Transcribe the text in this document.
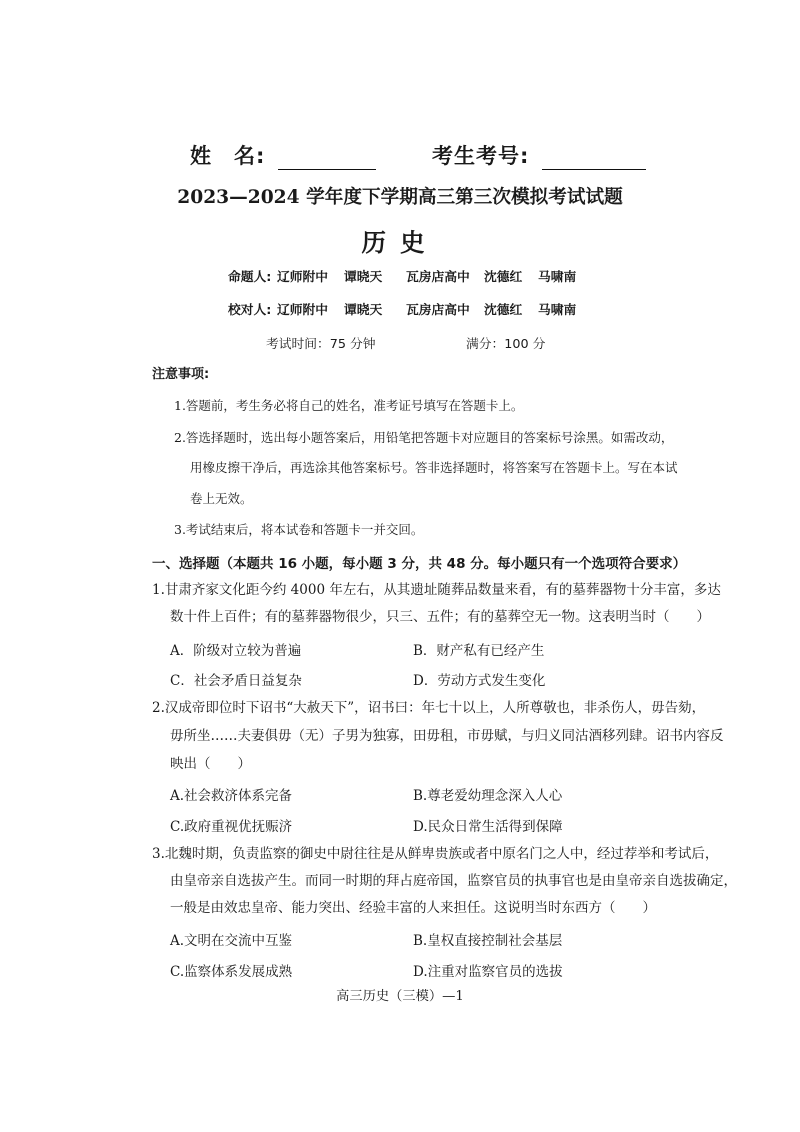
姓　名:	考生考号:
2023—2024 学年度下学期高三第三次模拟考试试题
历史
命题人: 辽师附中 谭晓天 瓦房店高中 沈德红 马啸南
校对人: 辽师附中 谭晓天 瓦房店高中 沈德红 马啸南
考试时间：75 分钟	满分：100 分
注意事项:
1.答题前，考生务必将自己的姓名，准考证号填写在答题卡上。
2.答选择题时，选出每小题答案后，用铅笔把答题卡对应题目的答案标号涂黑。如需改动，
用橡皮擦干净后，再选涂其他答案标号。答非选择题时，将答案写在答题卡上。写在本试
卷上无效。
3.考试结束后，将本试卷和答题卡一并交回。
一、选择题（本题共 16 小题，每小题 3 分，共 48 分。每小题只有一个选项符合要求）
1.甘肃齐家文化距今约 4000 年左右，从其遗址随葬品数量来看，有的墓葬器物十分丰富，多达
数十件上百件；有的墓葬器物很少，只三、五件；有的墓葬空无一物。这表明当时（　　）
A．阶级对立较为普遍	B．财产私有已经产生
C．社会矛盾日益复杂	D．劳动方式发生变化
2.汉成帝即位时下诏书“大赦天下”，诏书曰：年七十以上，人所尊敬也，非杀伤人，毋告劾，
毋所坐……夫妻俱毋（无）子男为独寡，田毋租，市毋赋，与归义同沽酒移列肆。诏书内容反
映出（　　）
A.社会救济体系完备	B.尊老爱幼理念深入人心
C.政府重视优抚赈济	D.民众日常生活得到保障
3.北魏时期，负责监察的御史中尉往往是从鲜卑贵族或者中原名门之人中，经过荐举和考试后，
由皇帝亲自选拔产生。而同一时期的拜占庭帝国，监察官员的执事官也是由皇帝亲自选拔确定，
一般是由效忠皇帝、能力突出、经验丰富的人来担任。这说明当时东西方（　　）
A.文明在交流中互鉴	B.皇权直接控制社会基层
C.监察体系发展成熟	D.注重对监察官员的选拔
高三历史（三模）—1
